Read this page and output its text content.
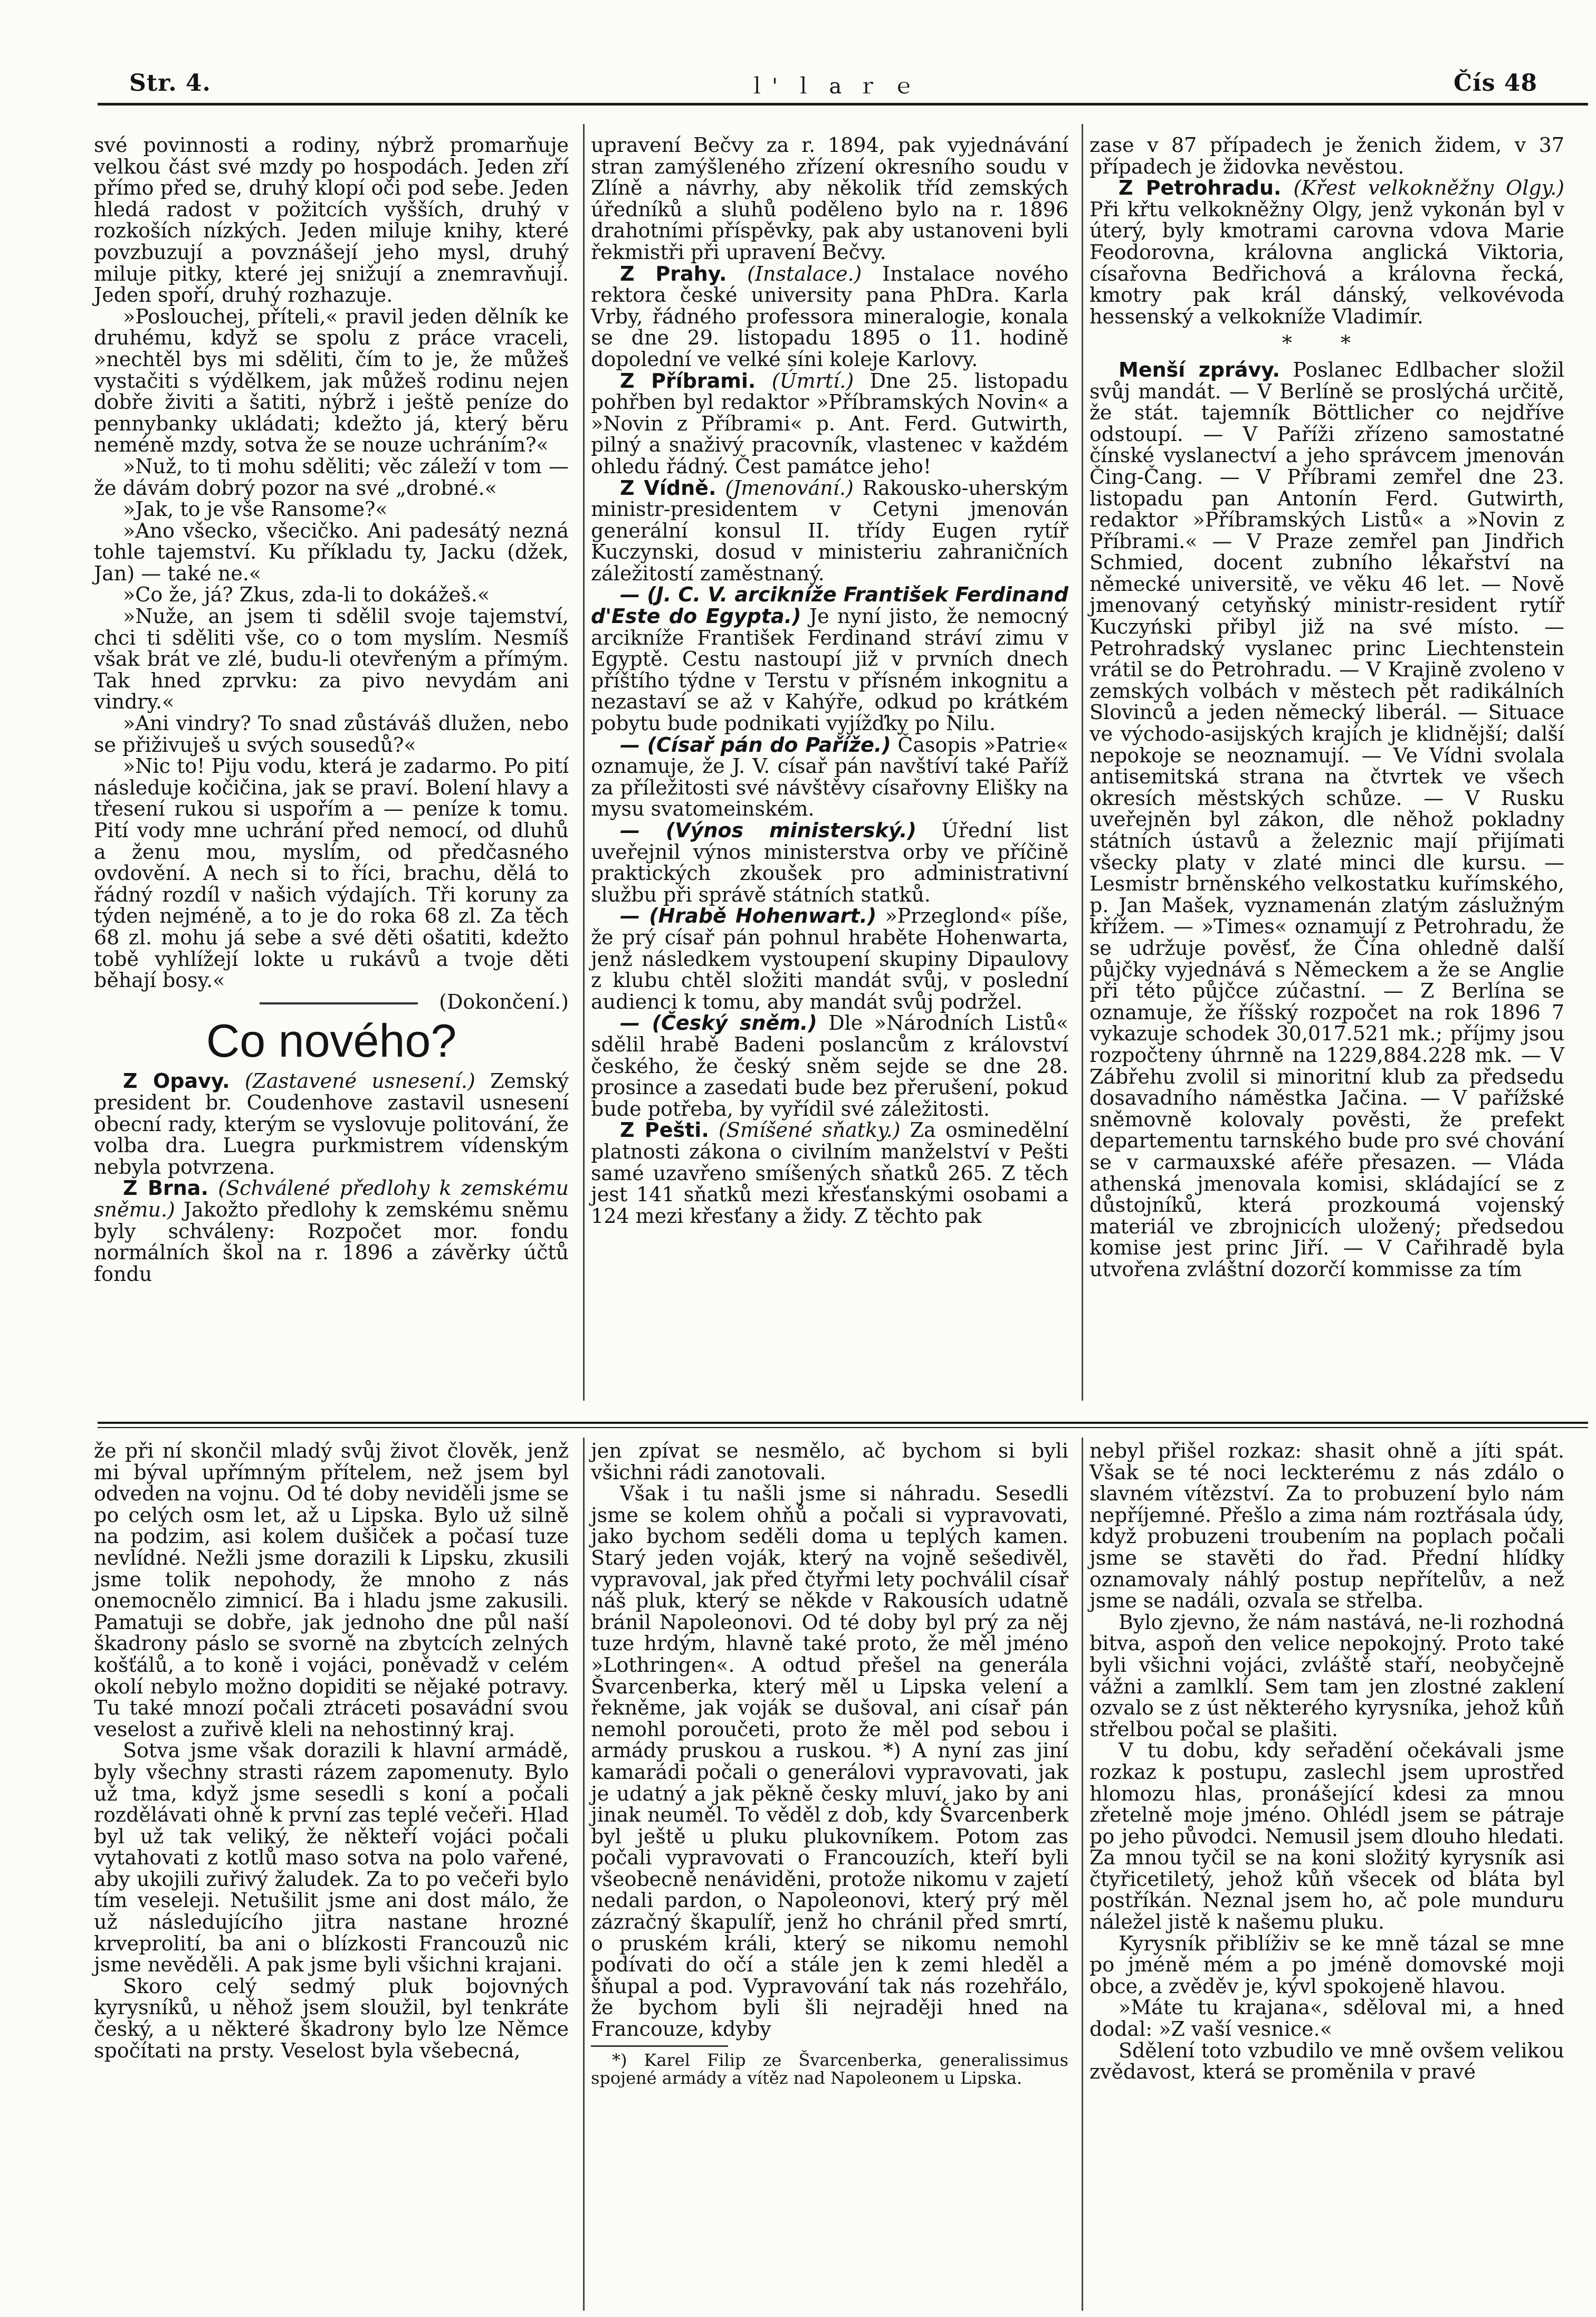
Str. 4.	ｌ' ｌ a ｒ ｅ	Čís 48

své povinnosti a rodiny, nýbrž promarňuje velkou část své mzdy po hospodách. Jeden zří přímo před se, druhý klopí oči pod sebe. Jeden hledá radost v požitcích vyšších, druhý v rozkoších nízkých. Jeden miluje knihy, které povzbuzují a povznášejí jeho mysl, druhý miluje pitky, které jej snižují a znemravňují. Jeden spoří, druhý rozhazuje.

»Poslouchej, příteli,« pravil jeden dělník ke druhému, když se spolu z práce vraceli, »nechtěl bys mi sděliti, čím to je, že můžeš vystačiti s výdělkem, jak můžeš rodinu nejen dobře živiti a šatiti, nýbrž i ještě peníze do pennybanky ukládati; kdežto já, který běru neméně mzdy, sotva že se nouze uchráním?«

»Nuž, to ti mohu sděliti; věc záleží v tom — že dávám dobrý pozor na své „drobné.«

»Jak, to je vše Ransome?«

»Ano všecko, všecičko. Ani padesátý nezná tohle tajemství. Ku příkladu ty, Jacku (džek, Jan) — také ne.«

»Co že, já? Zkus, zda-li to dokážeš.«

»Nuže, an jsem ti sdělil svoje tajemství, chci ti sděliti vše, co o tom myslím. Nesmíš však brát ve zlé, budu-li otevřeným a přímým. Tak hned zprvku: za pivo nevydám ani vindry.«

»Ani vindry? To snad zůstáváš dlužen, nebo se přiživuješ u svých sousedů?«

»Nic to! Piju vodu, která je zadarmo. Po pití následuje kočičina, jak se praví. Bolení hlavy a třesení rukou si uspořím a — peníze k tomu. Pití vody mne uchrání před nemocí, od dluhů a ženu mou, myslím, od předčasného ovdovění. A nech si to říci, brachu, dělá to řádný rozdíl v našich výdajích. Tři koruny za týden nejméně, a to je do roka 68 zl. Za těch 68 zl. mohu já sebe a své děti ošatiti, kdežto tobě vyhlížejí lokte u rukávů a tvoje děti běhají bosy.«

(Dokončení.)

Co nového?

Z Opavy. (Zastavené usnesení.) Zemský president br. Coudenhove zastavil usnesení obecní rady, kterým se vyslovuje politování, že volba dra. Luegra purkmistrem vídenským nebyla potvrzena.

Z Brna. (Schválené předlohy k zemskému sněmu.) Jakožto předlohy k zemskému sněmu byly schváleny: Rozpočet mor. fondu normálních škol na r. 1896 a závěrky účtů fondu

upravení Bečvy za r. 1894, pak vyjednávání stran zamýšleného zřízení okresního soudu v Zlíně a návrhy, aby několik tříd zemských úředníků a sluhů poděleno bylo na r. 1896 drahotními příspěvky, pak aby ustanoveni byli řekmistři při upravení Bečvy.

Z Prahy. (Instalace.) Instalace nového rektora české university pana PhDra. Karla Vrby, řádného professora mineralogie, konala se dne 29. listopadu 1895 o 11. hodině dopolední ve velké síni koleje Karlovy.

Z Příbrami. (Úmrtí.) Dne 25. listopadu pohřben byl redaktor »Příbramských Novin« a »Novin z Příbrami« p. Ant. Ferd. Gutwirth, pilný a snaživý pracovník, vlastenec v každém ohledu řádný. Čest památce jeho!

Z Vídně. (Jmenování.) Rakousko-uherským ministr-presidentem v Cetyni jmenován generální konsul II. třídy Eugen rytíř Kuczynski, dosud v ministeriu zahraničních záležitostí zaměstnaný.

— (J. C. V. arcikníže František Ferdinand d'Este do Egypta.) Je nyní jisto, že nemocný arcikníže František Ferdinand stráví zimu v Egyptě. Cestu nastoupí již v prvních dnech příštího týdne v Terstu v přísném inkognitu a nezastaví se až v Kahýře, odkud po krátkém pobytu bude podnikati vyjížďky po Nilu.

— (Císař pán do Paříže.) Časopis »Patrie« oznamuje, že J. V. císař pán navštíví také Paříž za příležitosti své návštěvy císařovny Elišky na mysu svatomeinském.

— (Výnos ministerský.) Úřední list uveřejnil výnos ministerstva orby ve příčině praktických zkoušek pro administrativní službu při správě státních statků.

— (Hrabě Hohenwart.) »Przeglond« píše, že prý císař pán pohnul hraběte Hohenwarta, jenž následkem vystoupení skupiny Dipaulovy z klubu chtěl složiti mandát svůj, v poslední audienci k tomu, aby mandát svůj podržel.

— (Český sněm.) Dle »Národních Listů« sdělil hrabě Badeni poslancům z království českého, že český sněm sejde se dne 28. prosince a zasedati bude bez přerušení, pokud bude potřeba, by vyřídil své záležitosti.

Z Pešti. (Smíšené sňatky.) Za osminedělní platnosti zákona o civilním manželství v Pešti samé uzavřeno smíšených sňatků 265. Z těch jest 141 sňatků mezi křesťanskými osobami a 124 mezi křesťany a židy. Z těchto pak

zase v 87 případech je ženich židem, v 37 případech je židovka nevěstou.

Z Petrohradu. (Křest velkokněžny Olgy.) Při křtu velkokněžny Olgy, jenž vykonán byl v úterý, byly kmotrami carovna vdova Marie Feodorovna, královna anglická Viktoria, císařovna Bedřichová a královna řecká, kmotry pak král dánský, velkovévoda hessenský a velkokníže Vladimír.

* *

Menší zprávy. Poslanec Edlbacher složil svůj mandát. — V Berlíně se proslýchá určitě, že stát. tajemník Böttlicher co nejdříve odstoupí. — V Paříži zřízeno samostatné čínské vyslanectví a jeho správcem jmenován Čing-Čang. — V Příbrami zemřel dne 23. listopadu pan Antonín Ferd. Gutwirth, redaktor »Příbramských Listů« a »Novin z Příbrami.« — V Praze zemřel pan Jindřich Schmied, docent zubního lékařství na německé universitě, ve věku 46 let. — Nově jmenovaný cetyňský ministr-resident rytíř Kuczyński přibyl již na své místo. — Petrohradský vyslanec princ Liechtenstein vrátil se do Petrohradu. — V Krajině zvoleno v zemských volbách v městech pět radikálních Slovinců a jeden německý liberál. — Situace ve východo-asijských krajích je klidnější; další nepokoje se neoznamují. — Ve Vídni svolala antisemitská strana na čtvrtek ve všech okresích městských schůze. — V Rusku uveřejněn byl zákon, dle něhož pokladny státních ústavů a železnic mají přijímati všecky platy v zlaté minci dle kursu. — Lesmistr brněnského velkostatku kuřímského, p. Jan Mašek, vyznamenán zlatým záslužným křížem. — »Times« oznamují z Petrohradu, že se udržuje pověsť, že Čína ohledně další půjčky vyjednává s Německem a že se Anglie při této půjčce zúčastní. — Z Berlína se oznamuje, že říšský rozpočet na rok 1896 7 vykazuje schodek 30,017.521 mk.; příjmy jsou rozpočteny úhrnně na 1229,884.228 mk. — V Zábřehu zvolil si minoritní klub za předsedu dosavadního náměstka Jačina. — V pařížské sněmovně kolovaly pověsti, že prefekt departementu tarnského bude pro své chování se v carmauxské aféře přesazen. — Vláda athenská jmenovala komisi, skládající se z důstojníků, která prozkoumá vojenský materiál ve zbrojnicích uložený; předsedou komise jest princ Jiří. — V Cařihradě byla utvořena zvláštní dozorčí kommisse za tím

že při ní skončil mladý svůj život člověk, jenž mi býval upřímným přítelem, než jsem byl odveden na vojnu. Od té doby neviděli jsme se po celých osm let, až u Lipska. Bylo už silně na podzim, asi kolem dušiček a počasí tuze nevlídné. Nežli jsme dorazili k Lipsku, zkusili jsme tolik nepohody, že mnoho z nás onemocnělo zimnicí. Ba i hladu jsme zakusili. Pamatuji se dobře, jak jednoho dne půl naší škadrony páslo se svorně na zbytcích zelných košťálů, a to koně i vojáci, poněvadž v celém okolí nebylo možno dopiditi se nějaké potravy. Tu také mnozí počali ztráceti posavádní svou veselost a zuřivě kleli na nehostinný kraj.

Sotva jsme však dorazili k hlavní armádě, byly všechny strasti rázem zapomenuty. Bylo už tma, když jsme sesedli s koní a počali rozdělávati ohně k první zas teplé večeři. Hlad byl už tak veliký, že někteří vojáci počali vytahovati z kotlů maso sotva na polo vařené, aby ukojili zuřivý žaludek. Za to po večeři bylo tím veseleji. Netušilit jsme ani dost málo, že už následujícího jitra nastane hrozné krveprolití, ba ani o blízkosti Francouzů nic jsme nevěděli. A pak jsme byli všichni krajani.

Skoro celý sedmý pluk bojovných kyrysníků, u něhož jsem sloužil, byl tenkráte český, a u některé škadrony bylo lze Němce spočítati na prsty. Veselost byla všebecná,

jen zpívat se nesmělo, ač bychom si byli všichni rádi zanotovali.

Však i tu našli jsme si náhradu. Sesedli jsme se kolem ohňů a počali si vypravovati, jako bychom seděli doma u teplých kamen. Starý jeden voják, který na vojně sešedivěl, vypravoval, jak před čtyřmi lety pochválil císař náš pluk, který se někde v Rakousích udatně bránil Napoleonovi. Od té doby byl prý za něj tuze hrdým, hlavně také proto, že měl jméno »Lothringen«. A odtud přešel na generála Švarcenberka, který měl u Lipska velení a řekněme, jak voják se dušoval, ani císař pán nemohl poroučeti, proto že měl pod sebou i armády pruskou a ruskou. *) A nyní zas jiní kamarádi počali o generálovi vypravovati, jak je udatný a jak pěkně česky mluví, jako by ani jinak neuměl. To věděl z dob, kdy Švarcenberk byl ještě u pluku plukovníkem. Potom zas počali vypravovati o Francouzích, kteří byli všeobecně nenáviděni, protože nikomu v zajetí nedali pardon, o Napoleonovi, který prý měl zázračný škapulíř, jenž ho chránil před smrtí, o pruském králi, který se nikomu nemohl podívati do očí a stále jen k zemi hleděl a šňupal a pod. Vypravování tak nás rozehřálo, že bychom byli šli nejraději hned na Francouze, kdyby

*) Karel Filip ze Švarcenberka, generalissimus spojené armády a vítěz nad Napoleonem u Lipska.

nebyl přišel rozkaz: shasit ohně a jíti spát. Však se té noci leckterému z nás zdálo o slavném vítězství. Za to probuzení bylo nám nepříjemné. Přešlo a zima nám roztřásala údy, když probuzeni troubením na poplach počali jsme se stavěti do řad. Přední hlídky oznamovaly náhlý postup nepřítelův, a než jsme se nadáli, ozvala se střelba.

Bylo zjevno, že nám nastává, ne-li rozhodná bitva, aspoň den velice nepokojný. Proto také byli všichni vojáci, zvláště staří, neobyčejně vážni a zamlklí. Sem tam jen zlostné zaklení ozvalo se z úst některého kyrysníka, jehož kůň střelbou počal se plašiti.

V tu dobu, kdy seřadění očekávali jsme rozkaz k postupu, zaslechl jsem uprostřed hlomozu hlas, pronášející kdesi za mnou zřetelně moje jméno. Ohlédl jsem se pátraje po jeho původci. Nemusil jsem dlouho hledati. Za mnou tyčil se na koni složitý kyrysník asi čtyřicetiletý, jehož kůň všecek od bláta byl postříkán. Neznal jsem ho, ač pole munduru náležel jistě k našemu pluku.

Kyrysník přiblíživ se ke mně tázal se mne po jméně mém a po jméně domovské moji obce, a zvěděv je, kývl spokojeně hlavou.

»Máte tu krajana«, sděloval mi, a hned dodal: »Z vaší vesnice.«

Sdělení toto vzbudilo ve mně ovšem velikou zvědavost, která se proměnila v pravé
